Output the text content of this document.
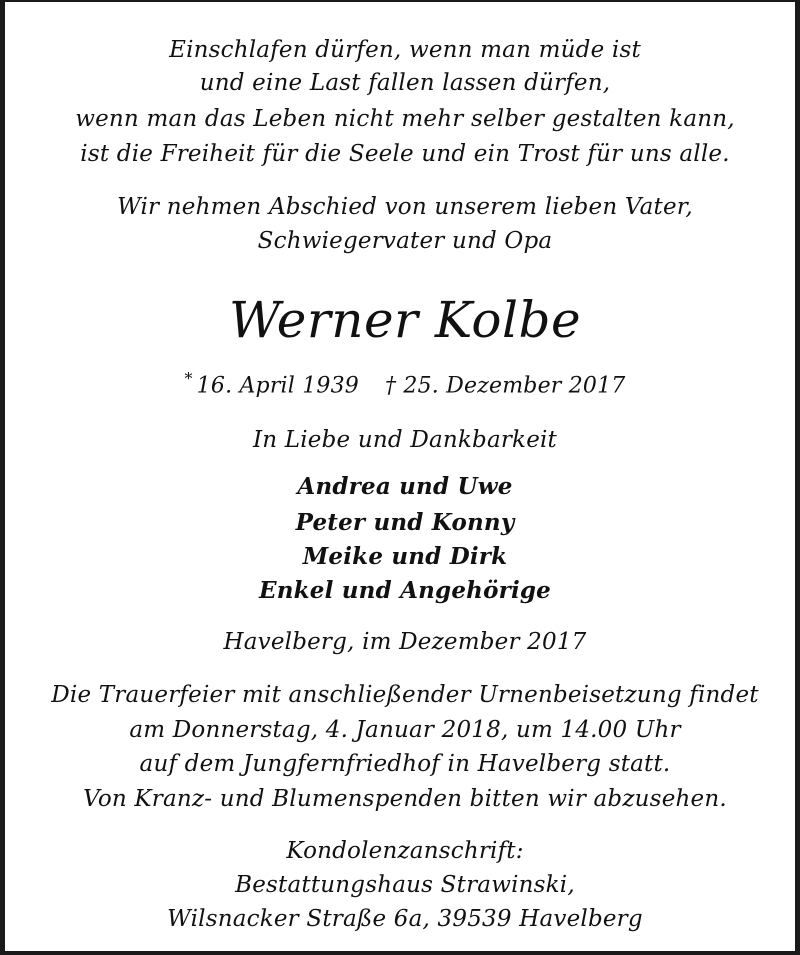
Einschlafen dürfen, wenn man müde ist
und eine Last fallen lassen dürfen,
wenn man das Leben nicht mehr selber gestalten kann,
ist die Freiheit für die Seele und ein Trost für uns alle.
Wir nehmen Abschied von unserem lieben Vater,
Schwiegervater und Opa
Werner Kolbe
* 16. April 1939 † 25. Dezember 2017
In Liebe und Dankbarkeit
Andrea und Uwe
Peter und Konny
Meike und Dirk
Enkel und Angehörige
Havelberg, im Dezember 2017
Die Trauerfeier mit anschließender Urnenbeisetzung findet
am Donnerstag, 4. Januar 2018, um 14.00 Uhr
auf dem Jungfernfriedhof in Havelberg statt.
Von Kranz- und Blumenspenden bitten wir abzusehen.
Kondolenzanschrift:
Bestattungshaus Strawinski,
Wilsnacker Straße 6a, 39539 Havelberg
